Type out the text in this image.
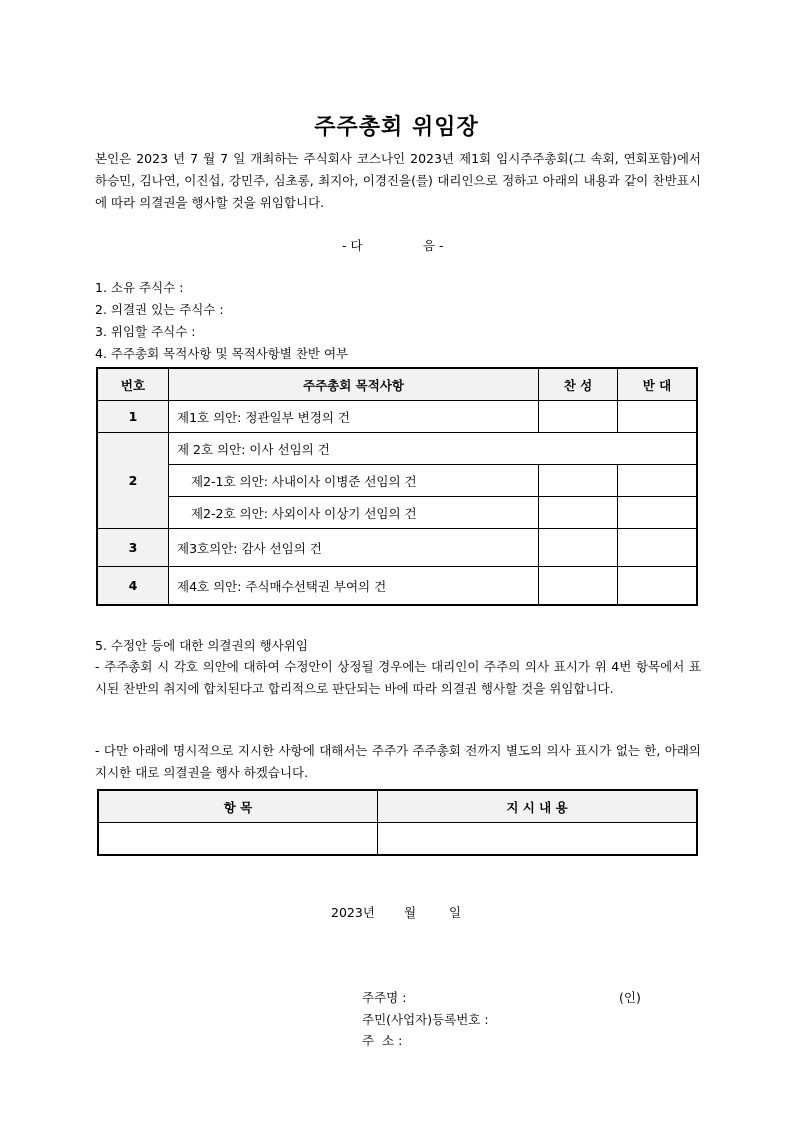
주주총회 위임장
본인은 2023 년 7 월 7 일 개최하는 주식회사 코스나인 2023년 제1회 임시주주총회(그 속회, 연회포함)에서 하승민, 김나연, 이진섭, 강민주, 심초롱, 최지아, 이경진을(를) 대리인으로 정하고 아래의 내용과 같이 찬반표시에 따라 의결권을 행사할 것을 위임합니다.
- 다	음 -
1. 소유 주식수 :
2. 의결권 있는 주식수 :
3. 위임할 주식수 :
4. 주주총회 목적사항 및 목적사항별 찬반 여부
번호	주주총회 목적사항	찬 성	반 대
1	제1호 의안: 정관일부 변경의 건		
2	제 2호 의안: 이사 선임의 건		
	제2-1호 의안: 사내이사 이병준 선임의 건		
	제2-2호 의안: 사외이사 이상기 선임의 건		
3	제3호의안: 감사 선임의 건		
4	제4호 의안: 주식매수선택권 부여의 건		
5. 수정안 등에 대한 의결권의 행사위임
- 주주총회 시 각호 의안에 대하여 수정안이 상정될 경우에는 대리인이 주주의 의사 표시가 위 4번 항목에서 표시된 찬반의 취지에 합치된다고 합리적으로 판단되는 바에 따라 의결권 행사할 것을 위임합니다.
- 다만 아래에 명시적으로 지시한 사항에 대해서는 주주가 주주총회 전까지 별도의 의사 표시가 없는 한, 아래의 지시한 대로 의결권을 행사 하겠습니다.
항 목	지 시 내 용

2023년 월	일
주주명 :	(인)
주민(사업자)등록번호 :
주  소 :
